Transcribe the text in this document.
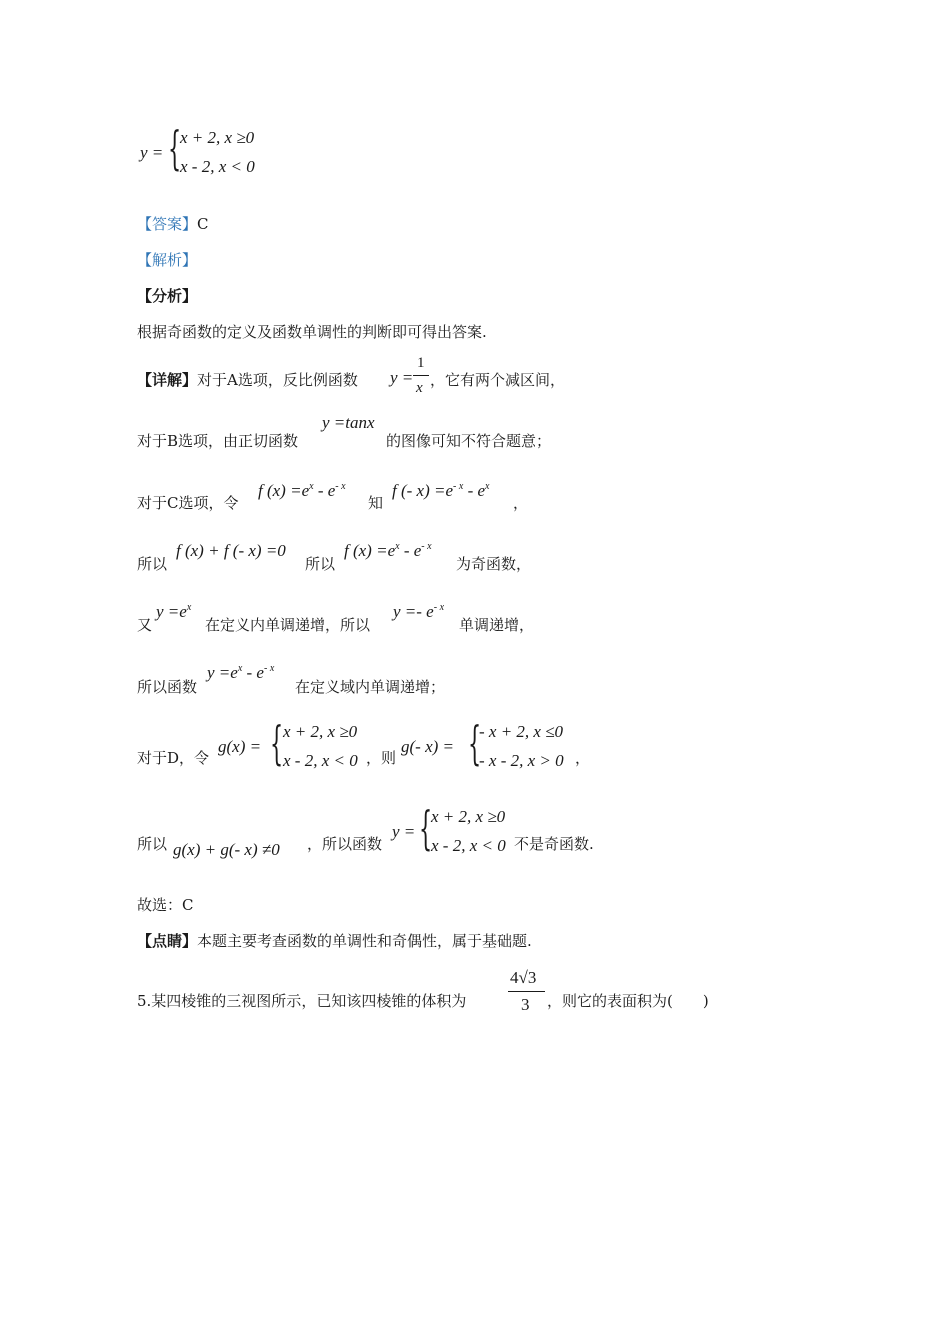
y = {
x + 2, x ≥0
x - 2, x < 0
【答案】C
【解析】
【分析】
根据奇函数的定义及函数单调性的判断即可得出答案.
【详解】对于A选项，反比例函数 y =
1
x ，它有两个减区间，
对于B选项，由正切函数
y =tanx
的图像可知不符合题意；
对于C选项，令
f $(x) =e^x - e^{- x}$
知
f (- $x) =e^{- x} - e^x$
，
所以
f (x) + f (- x) =0
所以
f $(x) =e^x - e^{- x}$
为奇函数，
又
$y =e^x$
在定义内单调递增，所以
$y =- e^{- x}$
单调递增，
所以函数
$y =e^x - e^{- x}$
在定义域内单调递增；
对于D，令
g(x) = { x + 2, x ≥0
x - 2, x < 0 ，则
g(- x) = {
- x + 2, x ≤0
- x - 2, x > 0 ，
所以 g(x) + g(- x) ≠0 ，所以函数
y = {
x + 2, x ≥0
x - 2, x < 0 不是奇函数.
故选：C
【点睛】本题主要考查函数的单调性和奇偶性，属于基础题.
5.某四棱锥的三视图所示，已知该四棱锥的体积为
4√3
3 ，则它的表面积为(　　)
